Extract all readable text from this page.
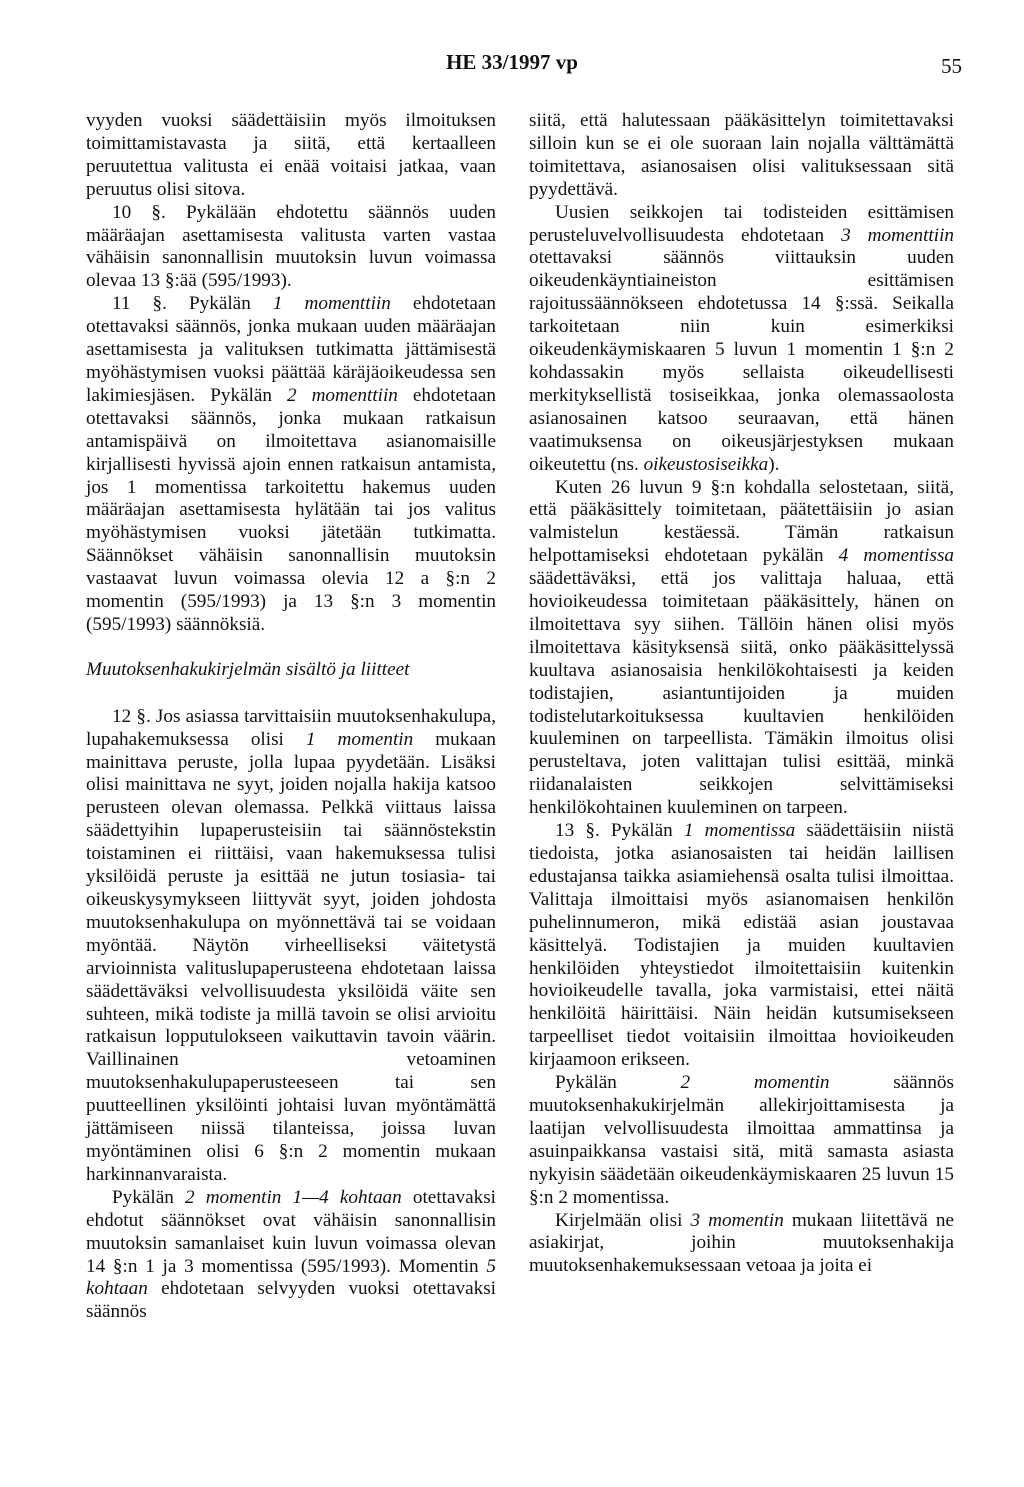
HE 33/1997 vp	55

vyyden vuoksi säädettäisiin myös ilmoituksen toimittamistavasta ja siitä, että kertaalleen peruutettua valitusta ei enää voitaisi jatkaa, vaan peruutus olisi sitova.

10 §. Pykälään ehdotettu säännös uuden määräajan asettamisesta valitusta varten vastaa vähäisin sanonnallisin muutoksin luvun voimassa olevaa 13 §:ää (595/1993).

11 §. Pykälän 1 momenttiin ehdotetaan otettavaksi säännös, jonka mukaan uuden määräajan asettamisesta ja valituksen tutkimatta jättämisestä myöhästymisen vuoksi päättää käräjäoikeudessa sen lakimiesjäsen. Pykälän 2 momenttiin ehdotetaan otettavaksi säännös, jonka mukaan ratkaisun antamispäivä on ilmoitettava asianomaisille kirjallisesti hyvissä ajoin ennen ratkaisun antamista, jos 1 momentissa tarkoitettu hakemus uuden määräajan asettamisesta hylätään tai jos valitus myöhästymisen vuoksi jätetään tutkimatta. Säännökset vähäisin sanonnallisin muutoksin vastaavat luvun voimassa olevia 12 a §:n 2 momentin (595/1993) ja 13 §:n 3 momentin (595/1993) säännöksiä.

Muutoksenhakukirjelmän sisältö ja liitteet

12 §. Jos asiassa tarvittaisiin muutoksenhakulupa, lupahakemuksessa olisi 1 momentin mukaan mainittava peruste, jolla lupaa pyydetään. Lisäksi olisi mainittava ne syyt, joiden nojalla hakija katsoo perusteen olevan olemassa. Pelkkä viittaus laissa säädettyihin lupaperusteisiin tai säännöstekstin toistaminen ei riittäisi, vaan hakemuksessa tulisi yksilöidä peruste ja esittää ne jutun tosiasia- tai oikeuskysymykseen liittyvät syyt, joiden johdosta muutoksenhakulupa on myönnettävä tai se voidaan myöntää. Näytön virheelliseksi väitetystä arvioinnista valituslupaperusteena ehdotetaan laissa säädettäväksi velvollisuudesta yksilöidä väite sen suhteen, mikä todiste ja millä tavoin se olisi arvioitu ratkaisun lopputulokseen vaikuttavin tavoin väärin. Vaillinainen vetoaminen muutoksenhakulupaperusteeseen tai sen puutteellinen yksilöinti johtaisi luvan myöntämättä jättämiseen niissä tilanteissa, joissa luvan myöntäminen olisi 6 §:n 2 momentin mukaan harkinnanvaraista.

Pykälän 2 momentin 1—4 kohtaan otettavaksi ehdotut säännökset ovat vähäisin sanonnallisin muutoksin samanlaiset kuin luvun voimassa olevan 14 §:n 1 ja 3 momentissa (595/1993). Momentin 5 kohtaan ehdotetaan selvyyden vuoksi otettavaksi säännös

siitä, että halutessaan pääkäsittelyn toimitettavaksi silloin kun se ei ole suoraan lain nojalla välttämättä toimitettava, asianosaisen olisi valituksessaan sitä pyydettävä.

Uusien seikkojen tai todisteiden esittämisen perusteluvelvollisuudesta ehdotetaan 3 momenttiin otettavaksi säännös viittauksin uuden oikeudenkäyntiaineiston esittämisen rajoitussäännökseen ehdotetussa 14 §:ssä. Seikalla tarkoitetaan niin kuin esimerkiksi oikeudenkäymiskaaren 5 luvun 1 momentin 1 §:n 2 kohdassakin myös sellaista oikeudellisesti merkityksellistä tosiseikkaa, jonka olemassaolosta asianosainen katsoo seuraavan, että hänen vaatimuksensa on oikeusjärjestyksen mukaan oikeutettu (ns. oikeustosiseikka).

Kuten 26 luvun 9 §:n kohdalla selostetaan, siitä, että pääkäsittely toimitetaan, päätettäisiin jo asian valmistelun kestäessä. Tämän ratkaisun helpottamiseksi ehdotetaan pykälän 4 momentissa säädettäväksi, että jos valittaja haluaa, että hovioikeudessa toimitetaan pääkäsittely, hänen on ilmoitettava syy siihen. Tällöin hänen olisi myös ilmoitettava käsityksensä siitä, onko pääkäsittelyssä kuultava asianosaisia henkilökohtaisesti ja keiden todistajien, asiantuntijoiden ja muiden todistelutarkoituksessa kuultavien henkilöiden kuuleminen on tarpeellista. Tämäkin ilmoitus olisi perusteltava, joten valittajan tulisi esittää, minkä riidanalaisten seikkojen selvittämiseksi henkilökohtainen kuuleminen on tarpeen.

13 §. Pykälän 1 momentissa säädettäisiin niistä tiedoista, jotka asianosaisten tai heidän laillisen edustajansa taikka asiamiehensä osalta tulisi ilmoittaa. Valittaja ilmoittaisi myös asianomaisen henkilön puhelinnumeron, mikä edistää asian joustavaa käsittelyä. Todistajien ja muiden kuultavien henkilöiden yhteystiedot ilmoitettaisiin kuitenkin hovioikeudelle tavalla, joka varmistaisi, ettei näitä henkilöitä häirittäisi. Näin heidän kutsumisekseen tarpeelliset tiedot voitaisiin ilmoittaa hovioikeuden kirjaamoon erikseen.

Pykälän 2 momentin säännös muutoksenhakukirjelmän allekirjoittamisesta ja laatijan velvollisuudesta ilmoittaa ammattinsa ja asuinpaikkansa vastaisi sitä, mitä samasta asiasta nykyisin säädetään oikeudenkäymiskaaren 25 luvun 15 §:n 2 momentissa.

Kirjelmään olisi 3 momentin mukaan liitettävä ne asiakirjat, joihin muutoksenhakija muutoksenhakemuksessaan vetoaa ja joita ei
